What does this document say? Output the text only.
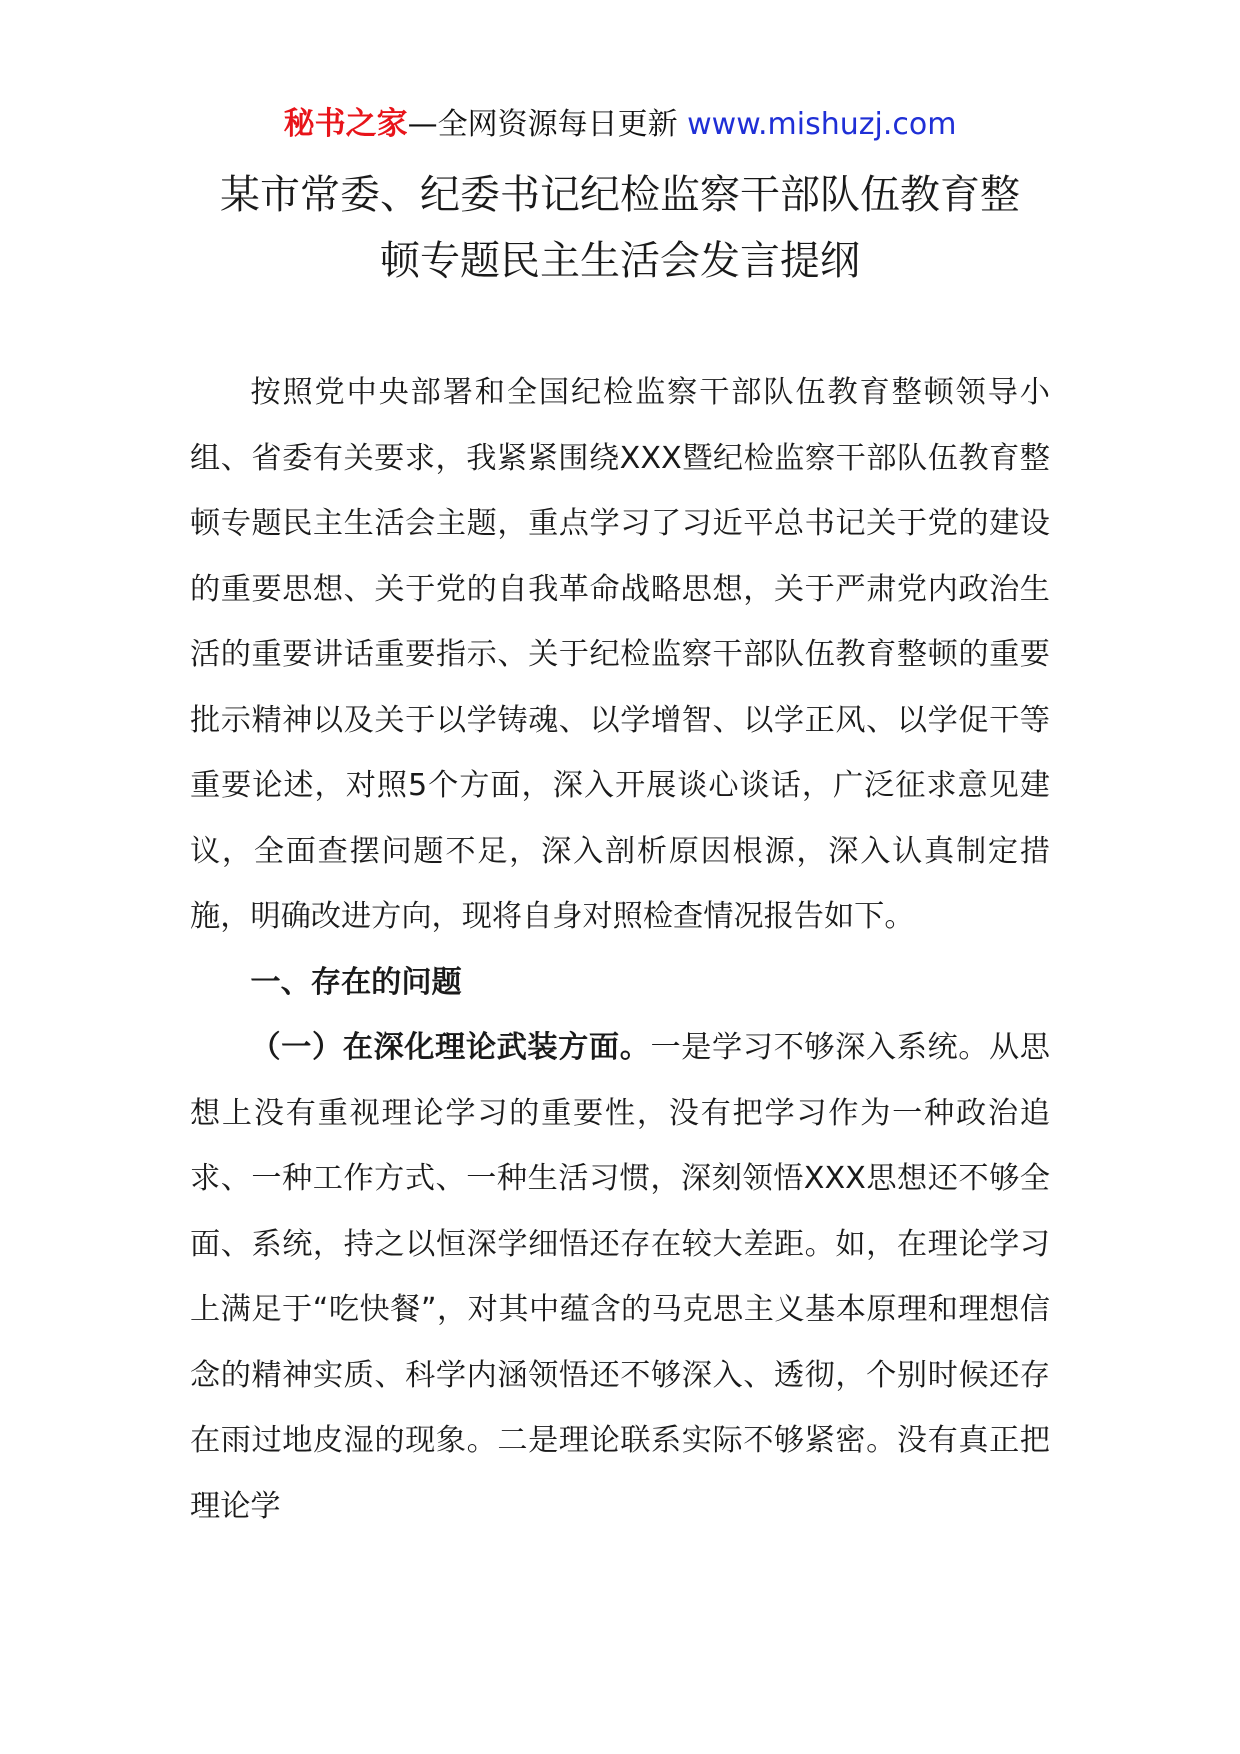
秘书之家—全网资源每日更新 www.mishuzj.com
某市常委、纪委书记纪检监察干部队伍教育整
顿专题民主生活会发言提纲

按照党中央部署和全国纪检监察干部队伍教育整顿领导小组、省委有关要求，我紧紧围绕XXX暨纪检监察干部队伍教育整顿专题民主生活会主题，重点学习了习近平总书记关于党的建设的重要思想、关于党的自我革命战略思想，关于严肃党内政治生活的重要讲话重要指示、关于纪检监察干部队伍教育整顿的重要批示精神以及关于以学铸魂、以学增智、以学正风、以学促干等重要论述，对照5个方面，深入开展谈心谈话，广泛征求意见建议，全面查摆问题不足，深入剖析原因根源，深入认真制定措施，明确改进方向，现将自身对照检查情况报告如下。

一、存在的问题

（一）在深化理论武装方面。一是学习不够深入系统。从思想上没有重视理论学习的重要性，没有把学习作为一种政治追求、一种工作方式、一种生活习惯，深刻领悟XXX思想还不够全面、系统，持之以恒深学细悟还存在较大差距。如，在理论学习上满足于“吃快餐”，对其中蕴含的马克思主义基本原理和理想信念的精神实质、科学内涵领悟还不够深入、透彻，个别时候还存在雨过地皮湿的现象。二是理论联系实际不够紧密。没有真正把理论学
